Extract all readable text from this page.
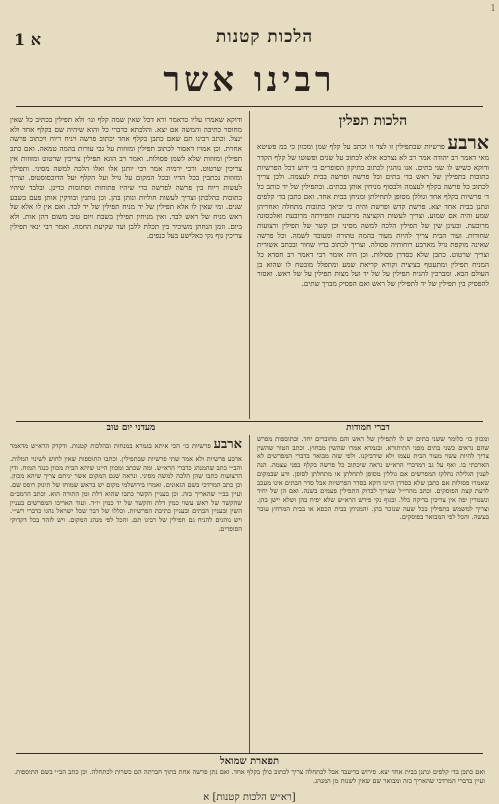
1
הלכות קטנות
א 1
רבינו אשר
הלכות תפלין
ארבע פרשיות שבתפילין זו לצד זו וכתב על קלף שמן ומכוון כי במ פשיטא מאי דאמר רב יהודה אמר רב לא נצרכא אלא לכתוב על שנים ופשוטו של קלף הקדר ודוקא כשיש לו שני בתים. אנו נוהגין לכתוב כתיקון הסופרים כי ידוע דכל הפרשיות כתובות בתפילין של ראש בד׳ בתים וכל פרשה ופרשה בבית לעצמה. ולכן צריך לכתוב כל פרשה בקלף לעצמה ולבסוף מניחין אותן בבתים. ובתפילין של יד כותב כל ד׳ פרשיות בקלף אחד וגוללן מסופן לתחילתן ומניחן בבית אחד. ואם כתבן בד׳ קלפים ונתנן בבית אחד יצא. פרשת קדש ופרשת והיה כי יביאך כתובות מתחלה ואחריהן שמע והיה אם שמוע. וצריך לעשות הקציצה מרובעת ותפירתה מרובעת ואלכסונה מרובעת. ובעינן שין של תפילין הלכה למשה מסיני וכן קשר של תפילין ורצועות שחורות. ועור הבית צריך להיות מעור בהמה טהורה ומעובד לשמה. וכל פרשה שאינה מוקפת גויל מארבע רוחותיה פסולה. וצריך לכתוב בדיו שחור ובכתב אשורית וצריך שרטוט. כתבן שלא כסדרן פסולות. וכן היה אומר רבי דאמר רב חסדא כל המניח תפילין ומתעטף בציצית וקורא קריאת שמע ומתפלל מובטח לו שהוא בן העולם הבא. ומברכין להניח תפילין על של יד ועל מצות תפילין על של ראש. ואסור להפסיק בין תפילין של יד לתפילין של ראש ואם הפסיק מברך שתים.
ודוקא שאמרו עליו כראמר ורא דכל שאין שמה קלף ונו׳ ולא תפילין בכתיב כל שאין מחוסר כתיבה והמשה אם יצא. והלכתא כדברי כל והוא שיהיה שם בקלף אחד ולא ינצל. וכתב רבינו תם שאם כתבן בקלף אחד יכתוב פרשה ויניח ריוח ויכתוב פרשה אחרת. וכן אמרו דאסור לכתוב תפילין ומזוזות על גבי עורות בהמה טמאה. ואם כתב תפילין ומזוזות שלא לשמן פסולות. ואמר רב הונא תפילין צריכין שרטוט ומזוזות אין צריכין שרטוט. ורבי ירמיה אמר רבי יוחנן אלו ואלו הלכה למשה מסיני. ותפילין ומזוזות נכתבין בכל הדיו ובכל המקום על גויל ועל הקלף ועל הדוכסוסטוס. וצריך לעשות ריוח בין פרשה לפרשה כדי שיהיו פתוחות וסתומות כדינן. ובלבד שיהיו כתובות כהלכתן וצריך לעשות חוליות ונותן בהן. וכן נותנין ובודקין אותן פעם בשבע שנים. ומי שאין לו אלא תפילין של יד מניח תפילין של יד לבד. ואם אין לו אלא של ראש מניח של ראש לבד. ואין מניחין תפילין בשבת ויום טוב משום דהן אות. ולא ביום. וזמן הנחתן משיכיר בין תכלת ללבן ועד שקיעת החמה. ואמר רבי ינאי תפילין צריכין גוף נקי כאלישע בעל כנפים.
דברי חמודות
מעדני יום טוב
ומכוון כו׳ כלומר ששני בתים יש לו לתפילין של ראש והם מחוברים יחד. ובתוספות מפרש שהם נראים כשני בתים מפני התיתורא. ובגמרא אמרו שהשין מבחוץ. וכתב הטור שהשין צריך להיות עשוי מעור הבית עצמו ולא שידביקנו. ולפי שזה מבואר בדברי המפרשים לא הארכתי בו. ואף על גב דמדברי הרא״ש נראה שיכתוב כל פרשה בקלף בפני עצמה. הנה לענין הגלילה נחלקו המפרשים אם גוללין מסופן לתחלתן או מתחלתן לסופן. ודע שבמקום שאמרו פסולות אם כתבן שלא כסדרן היינו דוקא בסדר הפרשיות אבל סדר הבתים אינו מעכב לדעת קצת הפוסקים. וכתב מהרי״ל שצריך לבדוק התפילין פעמים בשנה. ואם הן של יחיד ונשמרין יפה אין צריכין בדיקה כלל. ובגוף נקי פירש הרא״ש שלא יפיח בהן ושלא יישן בהן. וצריך למשמש בתפילין בכל שעה שנזכר בהן. והמניחן בבית הכסא או בבית המרחץ עובר בעשה. והכל לפי המבואר בפוסקים.
ארבע פרשיות כו׳ הכי איתא בגמרא במנחות ובהלכות קטנות. ודקדק הרא״ש מדאמר ארבע פרשיות ולא אמר שתי פרשיות שבתפילין. וכתבו התוספות שאין לחוש לשינוי המלות. והב״י כתב שהמנהג כדברי הרא״ש. ומה שכתב ומכוון היינו שיהא הבית מכוון כנגד המוח. ודין הרצועות כתבו שהן הלכה למשה מסיני. ונראה שגם המקום אשר יניחם צריך שיהא מכוון. וכן כתב המרדכי בשם הגאונים. ואמרו בירושלמי מקום יש בראש שמוחו של תינוק רופס שם. ועיין בב״י שהאריך בזה. וכן בעניין הקשר כתבו שהוא דלת ומן התורה הוא. וכתב הרמב״ם שהקשר של ראש עשוי כמין דלת והקשר של יד כמין יו״ד. ועוד האריכו המפרשים בעניין השין ובעניין הבתים ובעניין כתיבת הפרשיות. וכללו של דבר שכל ישראל נהגו כדברי רש״י. ויש נוהגים להניח גם תפילין של רבינו תם. והכל לפי מנהג המקום. ויש לזהר בכל דקדוקי הסופרים.
תפארת שמואל
ואם כתבן בד׳ קלפים ונתנן בבית אחד יצא. פירוש בדיעבד אבל לכתחלה צריך לכתוב כולן בקלף אחד. ואם נתן פרשה אחת בתוך חברתה הם כשרות לכתחלה. וכן כתב הב״י בשם התוספות. ועיין בדברי המרדכי שהאריך בזה ומבואר שם שאין לשנות מן המנהג.
[רא״ש הלכות קטנות] א
